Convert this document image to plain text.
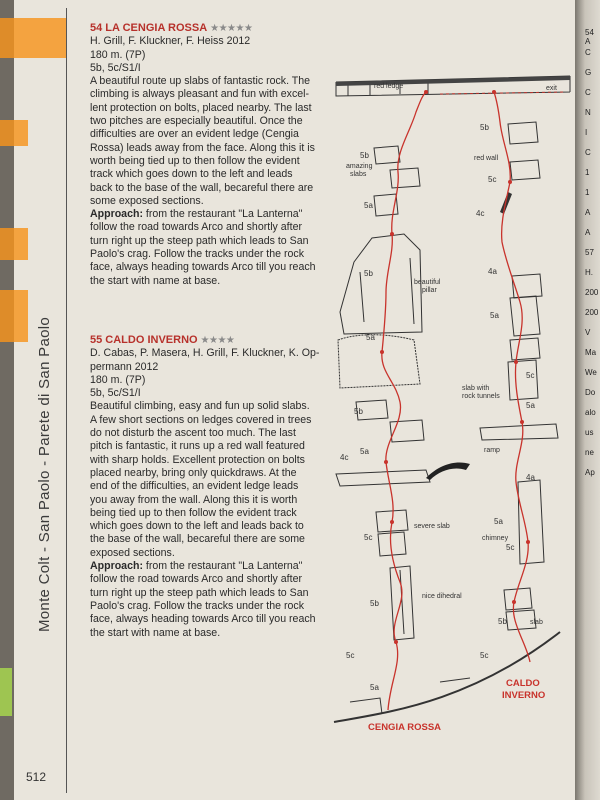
54 A
C
G
C
N
I
C
1
1
A
A
57
H.
200
200
V
Ma
We
Do
alo
us
ne
Ap
Monte Colt - San Paolo - Parete di San Paolo
512
54 LA CENGIA ROSSA ★★★★★
H. Grill, F. Kluckner, F. Heiss 2012
180 m. (7P)
5b, 5c/S1/I
A beautiful route up slabs of fantastic rock. The
climbing is always pleasant and fun with excel-
lent protection on bolts, placed nearby. The last
two pitches are especially beautiful. Once the
difficulties are over an evident ledge (Cengia
Rossa) leads away from the face. Along this it is
worth being tied up to then follow the evident
track which goes down to the left and leads
back to the base of the wall, becareful there are
some exposed sections.
Approach: from the restaurant "La Lanterna"
follow the road towards Arco and shortly after
turn right up the steep path which leads to San
Paolo's crag. Follow the tracks under the rock
face, always heading towards Arco till you reach
the start with name at base.
55 CALDO INVERNO ★★★★
D. Cabas, P. Masera, H. Grill, F. Kluckner, K. Op-
permann 2012
180 m. (7P)
5b, 5c/S1/I
Beautiful climbing, easy and fun up solid slabs.
A few short sections on ledges covered in trees
do not disturb the ascent too much. The last
pitch is fantastic, it runs up a red wall featured
with sharp holds. Excellent protection on bolts
placed nearby, bring only quickdraws. At the
end of the difficulties, an evident ledge leads
you away from the wall. Along this it is worth
being tied up to then follow the evident track
which goes down to the left and leads back to
the base of the wall, becareful there are some
exposed sections.
Approach: from the restaurant "La Lanterna"
follow the road towards Arco and shortly after
turn right up the steep path which leads to San
Paolo's crag. Follow the tracks under the rock
face, always heading towards Arco till you reach
the start with name at base.
red ledge	exit
red wall
amazing
slabs
beautiful
pillar
slab with
rock tunnels
ramp
severe slab
chimney
nice dihedral
slab
5b
5a
5b
5a
5b
5a
4c
5c
5b
5c
5a
5b
5c
4c
4a
5a
5c
5a
4a
5a
5c
5b
5c
CENGIA ROSSA
CALDO
INVERNO
